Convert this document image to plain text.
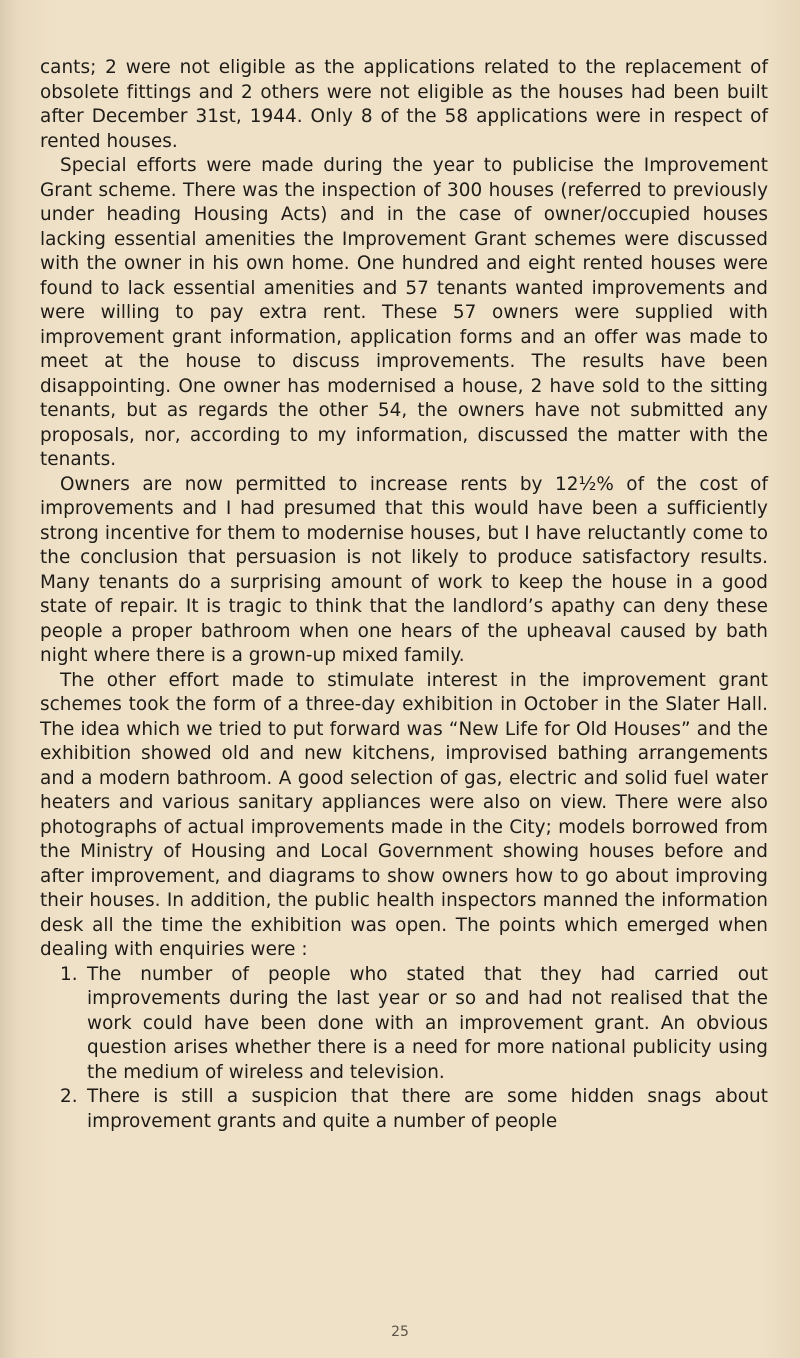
cants; 2 were not eligible as the applications related to the replacement of obsolete fittings and 2 others were not eligible as the houses had been built after December 31st, 1944. Only 8 of the 58 applications were in respect of rented houses.

Special efforts were made during the year to publicise the Improvement Grant scheme. There was the inspection of 300 houses (referred to previously under heading Housing Acts) and in the case of owner/occupied houses lacking essential amenities the Improvement Grant schemes were discussed with the owner in his own home. One hundred and eight rented houses were found to lack essential amenities and 57 tenants wanted improvements and were willing to pay extra rent. These 57 owners were supplied with improvement grant information, application forms and an offer was made to meet at the house to discuss improvements. The results have been disappointing. One owner has modernised a house, 2 have sold to the sitting tenants, but as regards the other 54, the owners have not submitted any proposals, nor, according to my information, discussed the matter with the tenants.

Owners are now permitted to increase rents by 12½% of the cost of improvements and I had presumed that this would have been a sufficiently strong incentive for them to modernise houses, but I have reluctantly come to the conclusion that persuasion is not likely to produce satisfactory results. Many tenants do a surprising amount of work to keep the house in a good state of repair. It is tragic to think that the landlord’s apathy can deny these people a proper bathroom when one hears of the upheaval caused by bath night where there is a grown-up mixed family.

The other effort made to stimulate interest in the improvement grant schemes took the form of a three-day exhibition in October in the Slater Hall. The idea which we tried to put forward was “New Life for Old Houses” and the exhibition showed old and new kitchens, improvised bathing arrangements and a modern bathroom. A good selection of gas, electric and solid fuel water heaters and various sanitary appliances were also on view. There were also photographs of actual improvements made in the City; models borrowed from the Ministry of Housing and Local Government showing houses before and after improvement, and diagrams to show owners how to go about improving their houses. In addition, the public health inspectors manned the information desk all the time the exhibition was open. The points which emerged when dealing with enquiries were :

1. The number of people who stated that they had carried out improvements during the last year or so and had not realised that the work could have been done with an improvement grant. An obvious question arises whether there is a need for more national publicity using the medium of wireless and television.
2. There is still a suspicion that there are some hidden snags about improvement grants and quite a number of people
25
